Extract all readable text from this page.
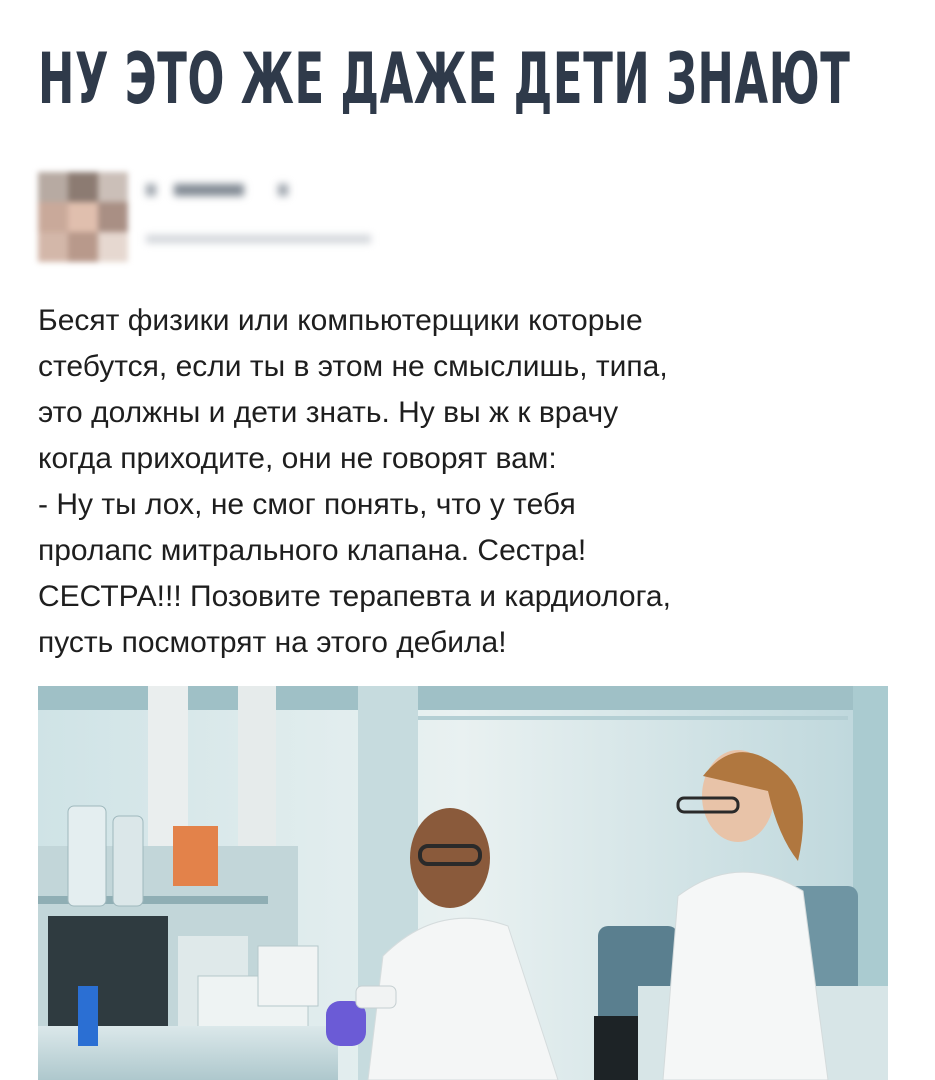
НУ ЭТО ЖЕ ДАЖЕ ДЕТИ ЗНАЮТ
Бесят физики или компьютерщики которые
стебутся, если ты в этом не смыслишь, типа,
это должны и дети знать. Ну вы ж к врачу
когда приходите, они не говорят вам:
- Ну ты лох, не смог понять, что у тебя
пролапс митрального клапана. Сестра!
СЕСТРА!!! Позовите терапевта и кардиолога,
пусть посмотрят на этого дебила!
